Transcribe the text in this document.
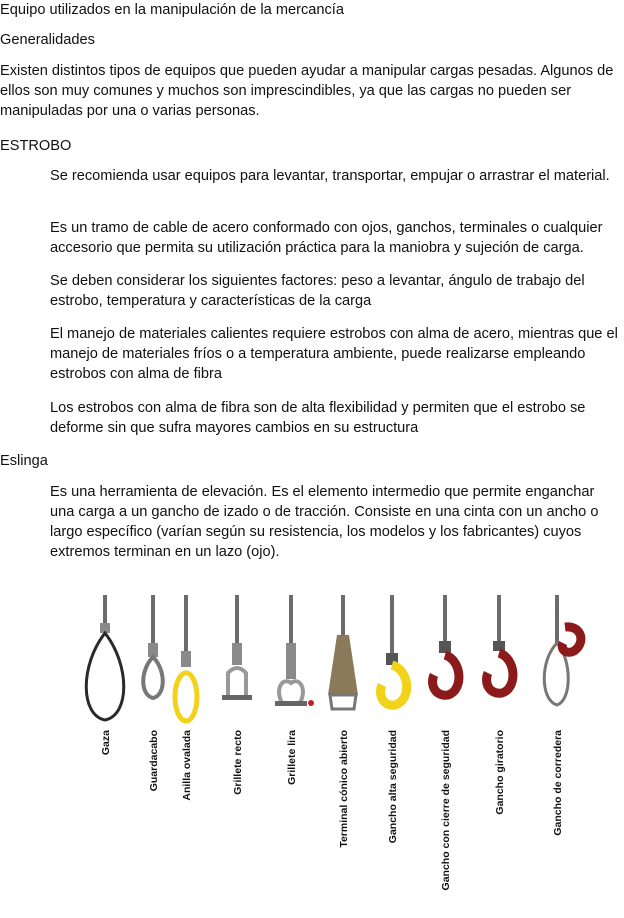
Equipo utilizados en la manipulación de la mercancía
Generalidades

Existen distintos tipos de equipos que pueden ayudar a manipular cargas pesadas. Algunos de ellos son muy comunes y muchos son imprescindibles, ya que las cargas no pueden ser manipuladas por una o varias personas.

ESTROBO

Se recomienda usar equipos para levantar, transportar, empujar o arrastrar el material.

Es un tramo de cable de acero conformado con ojos, ganchos, terminales o cualquier accesorio que permita su utilización práctica para la maniobra y sujeción de carga.

Se deben considerar los siguientes factores: peso a levantar, ángulo de trabajo del estrobo, temperatura y características de la carga

El manejo de materiales calientes requiere estrobos con alma de acero, mientras que el manejo de materiales fríos o a temperatura ambiente, puede realizarse empleando estrobos con alma de fibra

Los estrobos con alma de fibra son de alta flexibilidad y permiten que el estrobo se deforme sin que sufra mayores cambios en su estructura

Eslinga

Es una herramienta de elevación. Es el elemento intermedio que permite enganchar una carga a un gancho de izado o de tracción. Consiste en una cinta con un ancho o largo específico (varían según su resistencia, los modelos y los fabricantes) cuyos extremos terminan en un lazo (ojo).

Gaza	Guardacabo Anilla ovalada	Grillete recto	Grillete lira	Terminal cónico abierto	Gancho alta seguridad	Gancho con cierre de seguridad	Gancho giratorio	Gancho de corredera
